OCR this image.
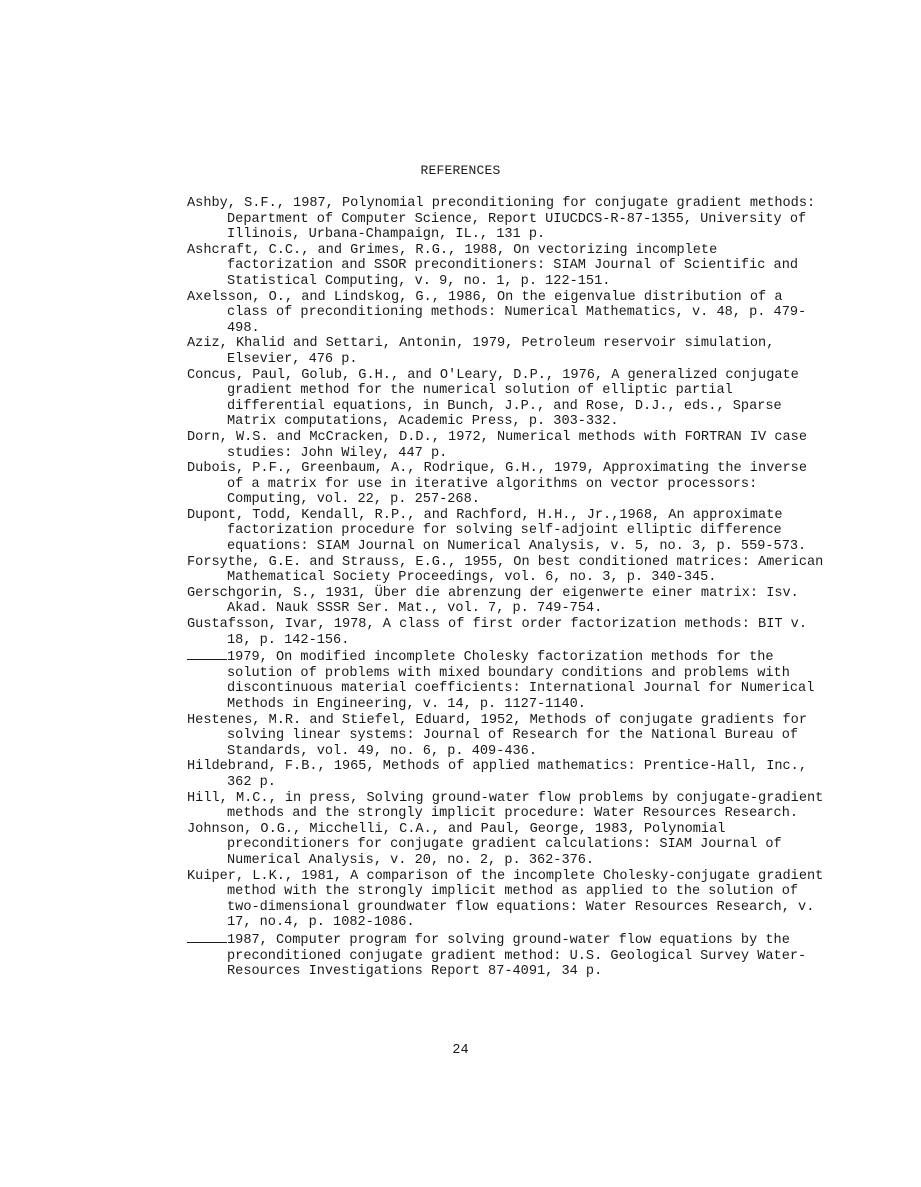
REFERENCES

Ashby, S.F., 1987, Polynomial preconditioning for conjugate gradient methods: Department of Computer Science, Report UIUCDCS-R-87-1355, University of Illinois, Urbana-Champaign, IL., 131 p.

Ashcraft, C.C., and Grimes, R.G., 1988, On vectorizing incomplete factorization and SSOR preconditioners: SIAM Journal of Scientific and Statistical Computing, v. 9, no. 1, p. 122-151.

Axelsson, O., and Lindskog, G., 1986, On the eigenvalue distribution of a class of preconditioning methods: Numerical Mathematics, v. 48, p. 479-498.

Aziz, Khalid and Settari, Antonin, 1979, Petroleum reservoir simulation, Elsevier, 476 p.

Concus, Paul, Golub, G.H., and O'Leary, D.P., 1976, A generalized conjugate gradient method for the numerical solution of elliptic partial differential equations, in Bunch, J.P., and Rose, D.J., eds., Sparse Matrix computations, Academic Press, p. 303-332.

Dorn, W.S. and McCracken, D.D., 1972, Numerical methods with FORTRAN IV case studies: John Wiley, 447 p.

Dubois, P.F., Greenbaum, A., Rodrique, G.H., 1979, Approximating the inverse of a matrix for use in iterative algorithms on vector processors: Computing, vol. 22, p. 257-268.

Dupont, Todd, Kendall, R.P., and Rachford, H.H., Jr.,1968, An approximate factorization procedure for solving self-adjoint elliptic difference equations: SIAM Journal on Numerical Analysis, v. 5, no. 3, p. 559-573.

Forsythe, G.E. and Strauss, E.G., 1955, On best conditioned matrices: American Mathematical Society Proceedings, vol. 6, no. 3, p. 340-345.

Gerschgorin, S., 1931, Über die abrenzung der eigenwerte einer matrix: Isv. Akad. Nauk SSSR Ser. Mat., vol. 7, p. 749-754.

Gustafsson, Ivar, 1978, A class of first order factorization methods: BIT v. 18, p. 142-156.

1979, On modified incomplete Cholesky factorization methods for the solution of problems with mixed boundary conditions and problems with discontinuous material coefficients: International Journal for Numerical Methods in Engineering, v. 14, p. 1127-1140.

Hestenes, M.R. and Stiefel, Eduard, 1952, Methods of conjugate gradients for solving linear systems: Journal of Research for the National Bureau of Standards, vol. 49, no. 6, p. 409-436.

Hildebrand, F.B., 1965, Methods of applied mathematics: Prentice-Hall, Inc., 362 p.

Hill, M.C., in press, Solving ground-water flow problems by conjugate-gradient methods and the strongly implicit procedure: Water Resources Research.

Johnson, O.G., Micchelli, C.A., and Paul, George, 1983, Polynomial preconditioners for conjugate gradient calculations: SIAM Journal of Numerical Analysis, v. 20, no. 2, p. 362-376.

Kuiper, L.K., 1981, A comparison of the incomplete Cholesky-conjugate gradient method with the strongly implicit method as applied to the solution of two-dimensional groundwater flow equations: Water Resources Research, v. 17, no.4, p. 1082-1086.

1987, Computer program for solving ground-water flow equations by the preconditioned conjugate gradient method: U.S. Geological Survey Water-Resources Investigations Report 87-4091, 34 p.

24
